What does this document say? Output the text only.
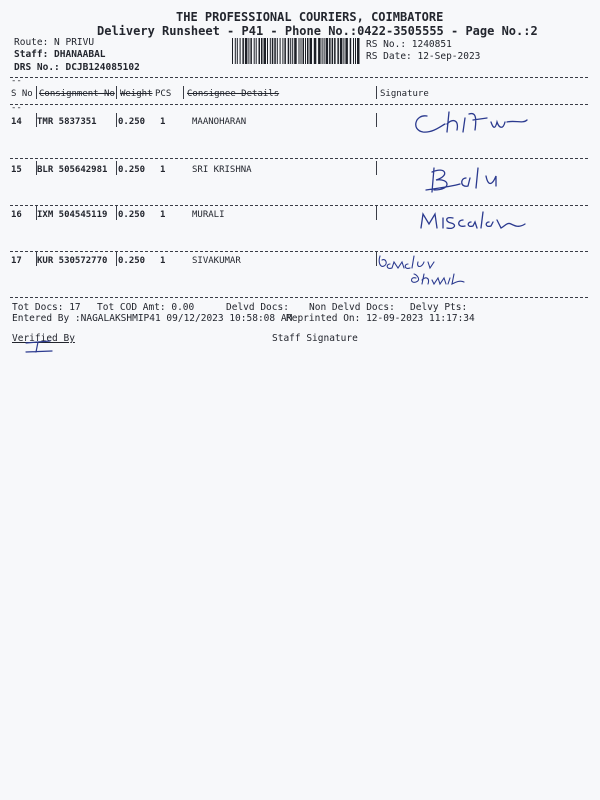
THE PROFESSIONAL COURIERS, COIMBATORE
Delivery Runsheet - P41 - Phone No.:0422-3505555 - Page No.:2
Route: N PRIVU
Staff: DHANAABAL
DRS No.: DCJB124085102
RS No.: 1240851
RS Date: 12-Sep-2023
--
S No Consignment No Weight PCS Consignee Details	Signature
--
14 TMR 5837351 0.250 1	MAANOHARAN
15 BLR 505642981 0.250 1	SRI KRISHNA
16 IXM 504545119 0.250 1	MURALI
17 KUR 530572770 0.250 1	SIVAKUMAR
Tot Docs: 17 Tot COD Amt: 0.00	Delvd Docs: Non Delvd Docs: Delvy Pts:
Entered By :NAGALAKSHMIP41 09/12/2023 10:58:08 AM
Reprinted On: 12-09-2023 11:17:34
Verified By	Staff Signature
